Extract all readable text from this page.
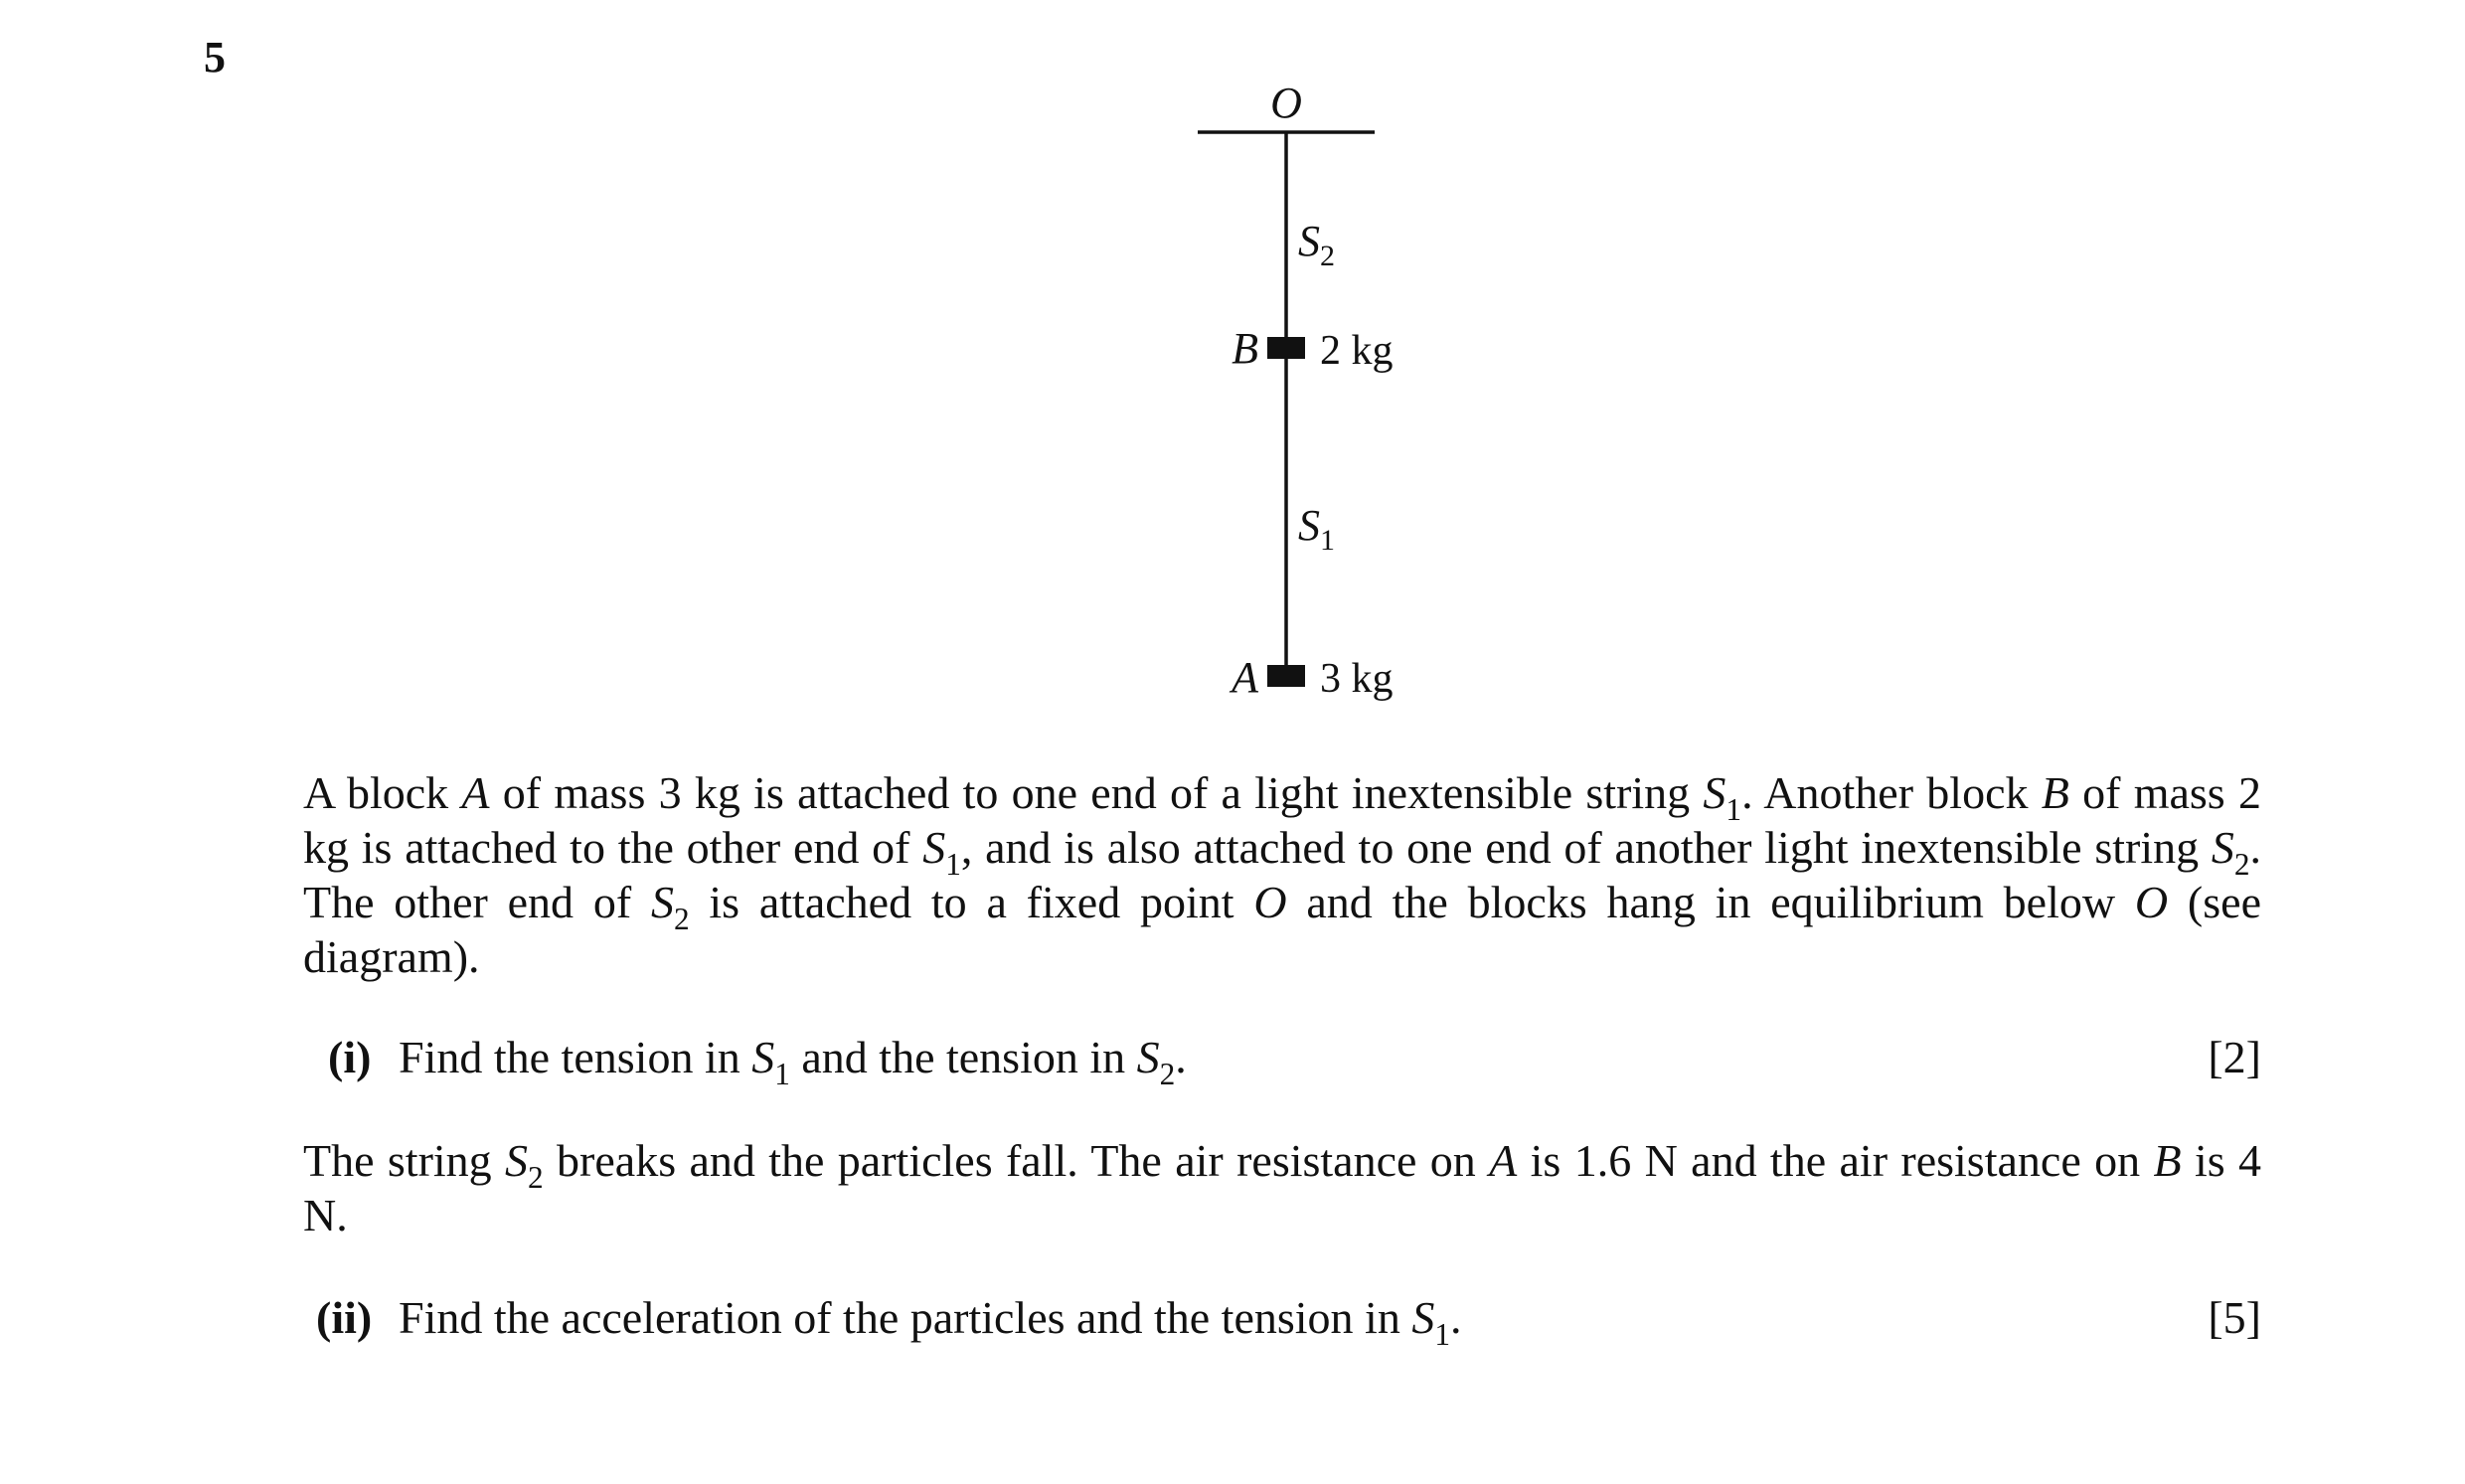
5
O
$S_2$
B 2 kg
$S_1$
A 3 kg
A block A of mass 3 kg is attached to one end of a light inextensible string $S_1$. Another block B of mass 2 kg is attached to the other end of $S_1$, and is also attached to one end of another light inextensible string $S_2$. The other end of $S_2$ is attached to a fixed point O and the blocks hang in equilibrium below O (see diagram).
(i) Find the tension in $S_1$ and the tension in $S_2$.	[2]
The string $S_2$ breaks and the particles fall. The air resistance on A is 1.6 N and the air resistance on B is 4 N.
(ii) Find the acceleration of the particles and the tension in $S_1$.	[5]
